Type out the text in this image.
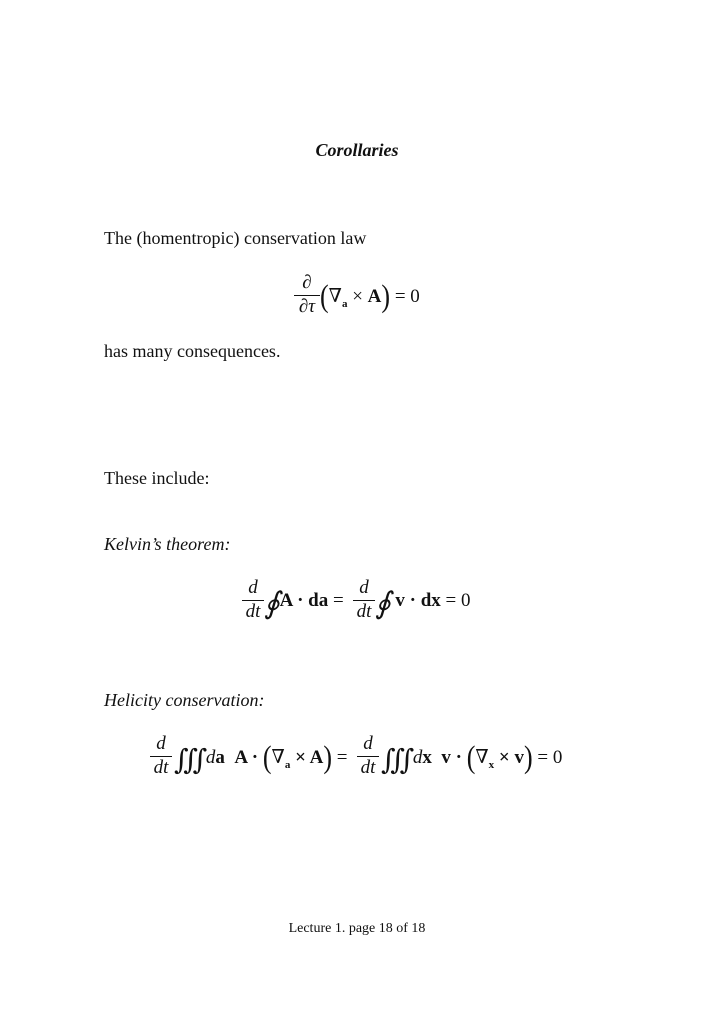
Corollaries
The (homentropic) conservation law
∂
∂τ $(\nabla_a \times A) = 0$
has many consequences.
These include:
Kelvin’s theorem:
d
dt ∮A · da =
d
dt ∮ v · dx = 0
Helicity conservation:
d
dt ∭ da $A \cdot (\nabla_a \times A)$ =
d
dt ∭ dx $v \cdot (\nabla_x \times v) = 0$
Lecture 1. page 18 of 18
